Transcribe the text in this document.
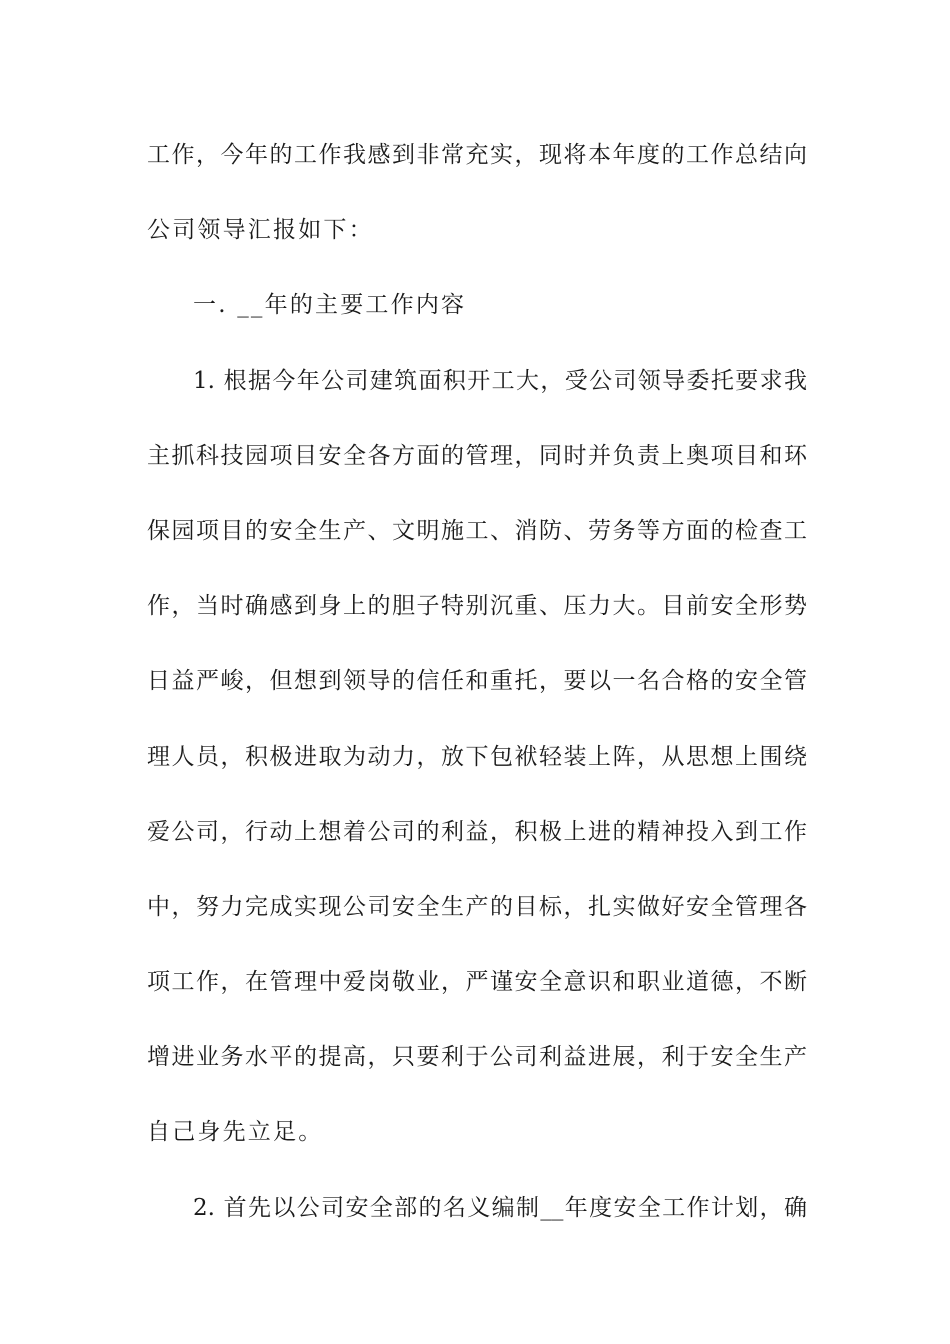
工作，今年的工作我感到非常充实，现将本年度的工作总结向
公司领导汇报如下：
一. __年的主要工作内容
1. 根据今年公司建筑面积开工大，受公司领导委托要求我
主抓科技园项目安全各方面的管理，同时并负责上奥项目和环
保园项目的安全生产、文明施工、消防、劳务等方面的检查工
作，当时确感到身上的胆子特别沉重、压力大。目前安全形势
日益严峻，但想到领导的信任和重托，要以一名合格的安全管
理人员，积极进取为动力，放下包袱轻装上阵，从思想上围绕
爱公司，行动上想着公司的利益，积极上进的精神投入到工作
中，努力完成实现公司安全生产的目标，扎实做好安全管理各
项工作，在管理中爱岗敬业，严谨安全意识和职业道德，不断
增进业务水平的提高，只要利于公司利益进展，利于安全生产
自己身先立足。
2. 首先以公司安全部的名义编制__年度安全工作计划，确
